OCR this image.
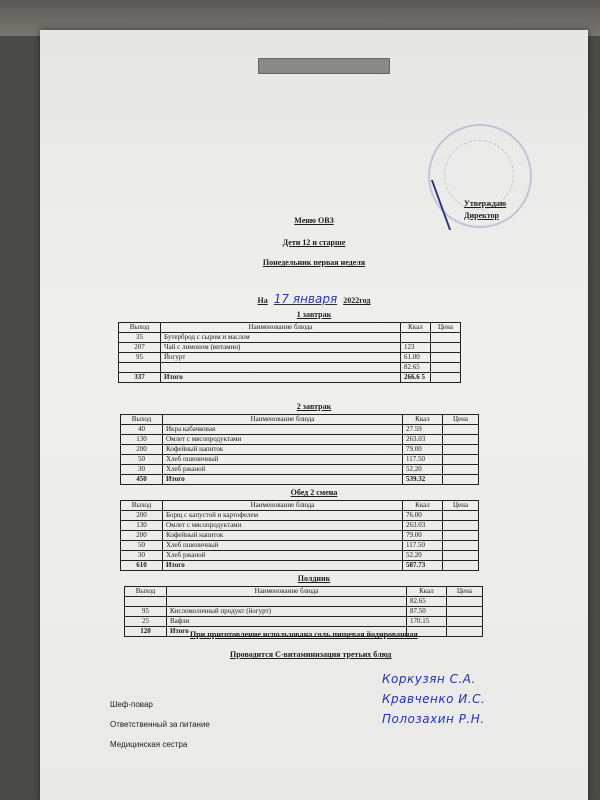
Утверждаю
Директор
Меню ОВЗ
Дети 12 и старше
Понедельник первая неделя
На 17 января 2022год
1 завтрак
Выход	Наименование блюда	Ккал	Цена
35	Бутерброд с сыром и маслом		
207	Чай с лимоном (витамин)	123	
95	Йогурт	61.00	
		82.65	
337	Итого	266.6 5	
2 завтрак
Выход	Наименование блюда	Ккал	Цена
40	Икра кабачковая	27.59	
130	Омлет с мясопродуктами	263.03	
200	Кофейный напиток	79.00	
50	Хлеб пшеничный	117.50	
30	Хлеб ржаной	52.20	
450	Итого	539.32	
Обед 2 смена
Выход	Наименование блюда	Ккал	Цена
200	Борщ с капустой и картофелем	76.00	
130	Омлет с мясопродуктами	263.03	
200	Кофейный напиток	79.00	
50	Хлеб пшеничный	117.50	
30	Хлеб ржаной	52.20	
610	Итого	587.73	
Полдник
Выход	Наименование блюда	Ккал	Цена
		82.65	
95	Кисломолочный продукт (йогурт)	87.50	
25	Вафли	170.15	
120	Итого		При приготовление использована соль пищевая йодированная
Проводится С-витаминизация третьих блюд
Шеф-повар
Ответственный за питание
Медицинская сестра
Коркузян С.А.
Кравченко И.С.
Полозахин Р.Н.
